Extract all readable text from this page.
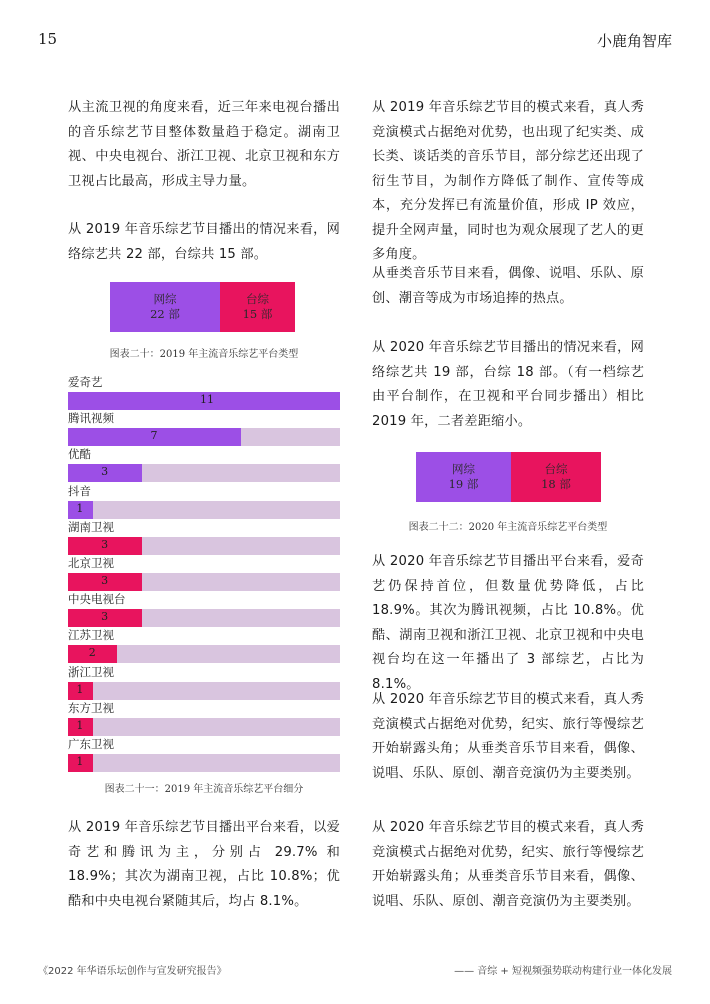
15	小鹿角智库

从主流卫视的角度来看，近三年来电视台播出的音乐综艺节目整体数量趋于稳定。湖南卫视、中央电视台、浙江卫视、北京卫视和东方卫视占比最高，形成主导力量。

从 2019 年音乐综艺节目播出的情况来看，网络综艺共 22 部，台综共 15 部。

网综
22 部
台综
15 部
图表二十：2019 年主流音乐综艺平台类型
爱奇艺
11
腾讯视频
7
优酷
3
抖音
1
湖南卫视
3
北京卫视
3
中央电视台
3
江苏卫视
2
浙江卫视
1
东方卫视
1
广东卫视
1
图表二十一：2019 年主流音乐综艺平台细分

从 2019 年音乐综艺节目播出平台来看，以爱奇艺和腾讯为主，分别占 29.7% 和 18.9%；其次为湖南卫视，占比 10.8%；优酷和中央电视台紧随其后，均占 8.1%。

从 2019 年音乐综艺节目的模式来看，真人秀竞演模式占据绝对优势，也出现了纪实类、成长类、谈话类的音乐节目，部分综艺还出现了衍生节目，为制作方降低了制作、宣传等成本，充分发挥已有流量价值，形成 IP 效应，提升全网声量，同时也为观众展现了艺人的更多角度。

从垂类音乐节目来看，偶像、说唱、乐队、原创、潮音等成为市场追捧的热点。

从 2020 年音乐综艺节目播出的情况来看，网络综艺共 19 部，台综 18 部。（有一档综艺由平台制作，在卫视和平台同步播出）相比 2019 年，二者差距缩小。

网综
19 部
台综
18 部
图表二十二：2020 年主流音乐综艺平台类型

从 2020 年音乐综艺节目播出平台来看，爱奇艺仍保持首位，但数量优势降低，占比 18.9%。其次为腾讯视频，占比 10.8%。优酷、湖南卫视和浙江卫视、北京卫视和中央电视台均在这一年播出了 3 部综艺，占比为 8.1%。

从 2020 年音乐综艺节目的模式来看，真人秀竞演模式占据绝对优势，纪实、旅行等慢综艺开始崭露头角；从垂类音乐节目来看，偶像、说唱、乐队、原创、潮音竞演仍为主要类别。

从 2020 年音乐综艺节目的模式来看，真人秀竞演模式占据绝对优势，纪实、旅行等慢综艺开始崭露头角；从垂类音乐节目来看，偶像、说唱、乐队、原创、潮音竞演仍为主要类别。

《2022 年华语乐坛创作与宣发研究报告》	—— 音综 + 短视频强势联动构建行业一体化发展
